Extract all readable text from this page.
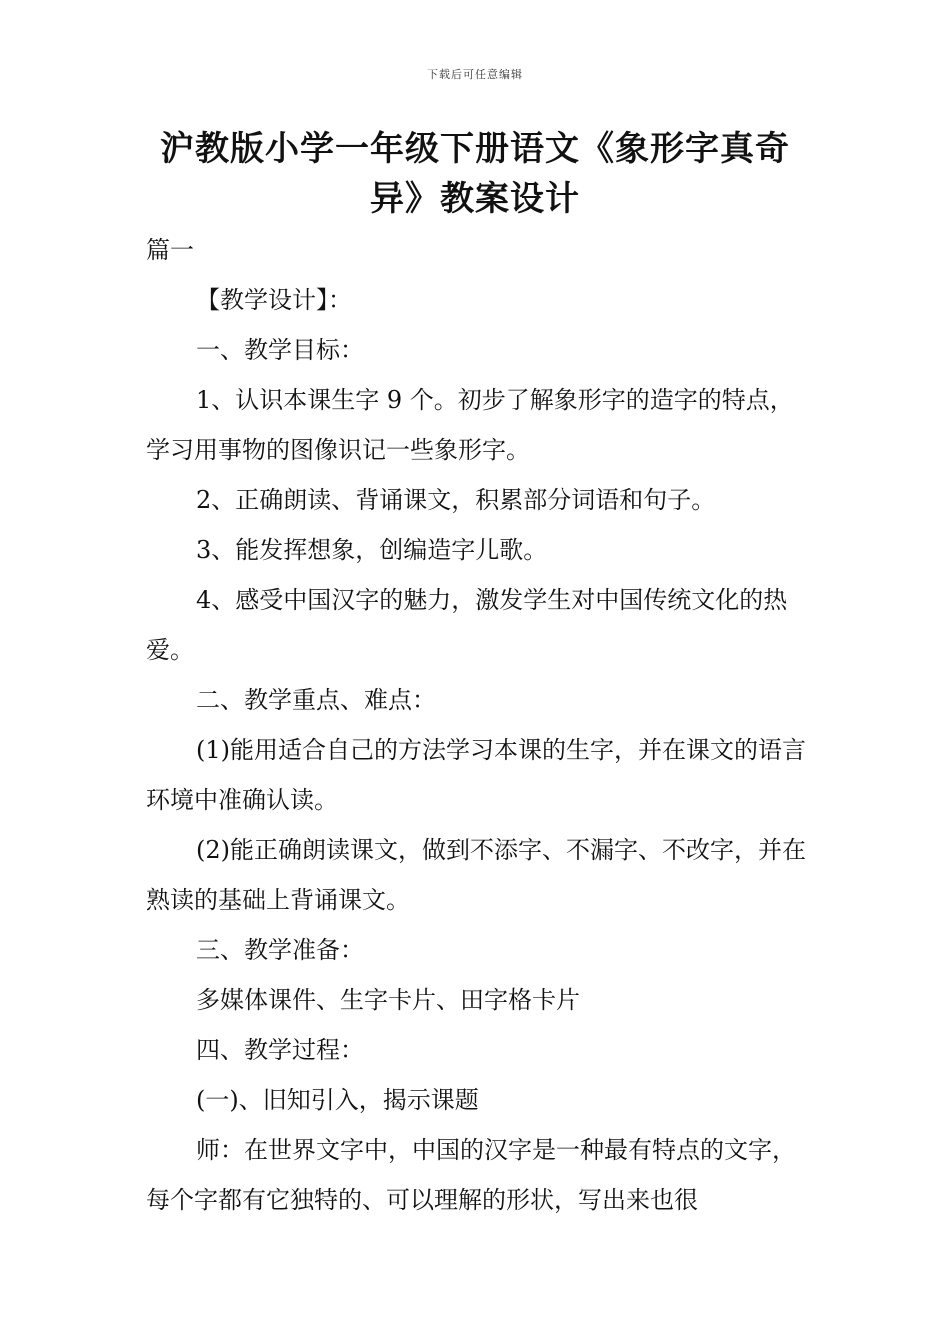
下载后可任意编辑
沪教版小学一年级下册语文《象形字真奇异》教案设计

篇一

【教学设计】：

一、教学目标：

1、认识本课生字 9 个。初步了解象形字的造字的特点，学习用事物的图像识记一些象形字。

2、正确朗读、背诵课文，积累部分词语和句子。

3、能发挥想象，创编造字儿歌。

4、感受中国汉字的魅力，激发学生对中国传统文化的热爱。

二、教学重点、难点：

(1)能用适合自己的方法学习本课的生字，并在课文的语言环境中准确认读。

(2)能正确朗读课文，做到不添字、不漏字、不改字，并在熟读的基础上背诵课文。

三、教学准备：

多媒体课件、生字卡片、田字格卡片

四、教学过程：

(一)、旧知引入，揭示课题

师：在世界文字中，中国的汉字是一种最有特点的文字，每个字都有它独特的、可以理解的形状，写出来也很
